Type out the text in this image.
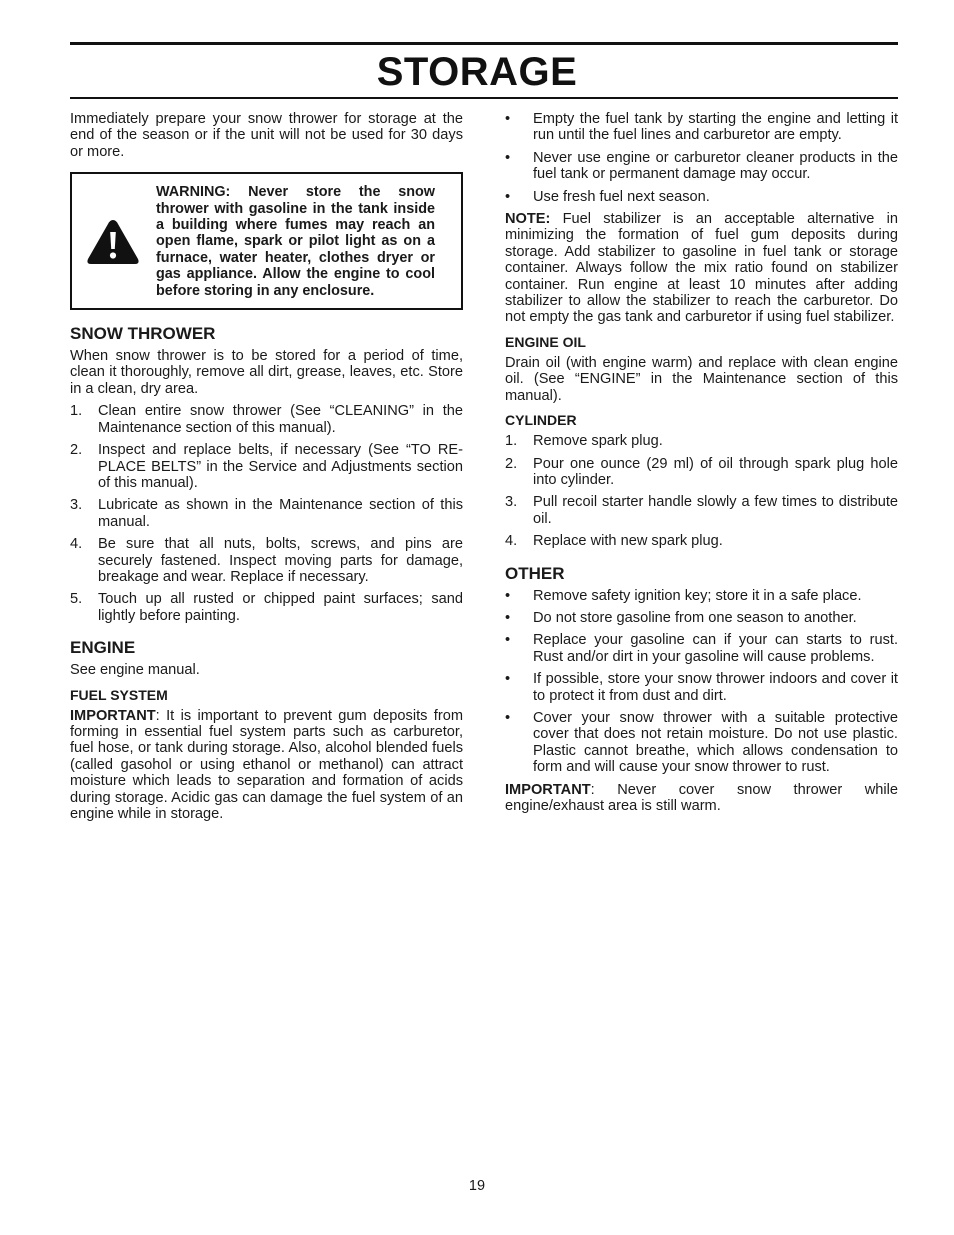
STORAGE

Immediately prepare your snow thrower for storage at the end of the season or if the unit will not be used for 30 days or more.

WARNING: Never store the snow thrower with gasoline in the tank inside a building where fumes may reach an open flame, spark or pilot light as on a furnace, water heater, clothes dryer or gas appliance. Allow the engine to cool before storing in any enclosure.
SNOW THROWER

When snow thrower is to be stored for a period of time, clean it thoroughly, remove all dirt, grease, leaves, etc. Store in a clean, dry area.

1.	Clean entire snow thrower (See “CLEANING” in the Maintenance section of this manual).
2.	Inspect and replace belts, if necessary (See “TO RE-PLACE BELTS” in the Service and Adjustments section of this manual).
3.	Lubricate as shown in the Maintenance section of this manual.
4.	Be sure that all nuts, bolts, screws, and pins are securely fastened. Inspect moving parts for damage, breakage and wear. Replace if necessary.
5.	Touch up all rusted or chipped paint surfaces; sand lightly before painting.
ENGINE

See engine manual.

FUEL SYSTEM

IMPORTANT: It is important to prevent gum deposits from forming in essential fuel system parts such as carburetor, fuel hose, or tank during storage. Also, alcohol blended fuels (called gasohol or using ethanol or methanol) can attract moisture which leads to separation and formation of acids during storage. Acidic gas can damage the fuel system of an engine while in storage.

•	Empty the fuel tank by starting the engine and letting it run until the fuel lines and carburetor are empty.
•	Never use engine or carburetor cleaner products in the fuel tank or permanent damage may occur.
•	Use fresh fuel next season.

NOTE: Fuel stabilizer is an acceptable alternative in minimizing the formation of fuel gum deposits during storage. Add stabilizer to gasoline in fuel tank or storage container. Always follow the mix ratio found on stabilizer container. Run engine at least 10 minutes after adding stabilizer to allow the stabilizer to reach the carburetor. Do not empty the gas tank and carburetor if using fuel stabilizer.

ENGINE OIL

Drain oil (with engine warm) and replace with clean engine oil. (See “ENGINE” in the Maintenance section of this manual).

CYLINDER
1.	Remove spark plug.
2.	Pour one ounce (29 ml) of oil through spark plug hole into cylinder.
3.	Pull recoil starter handle slowly a few times to distribute oil.
4.	Replace with new spark plug.
OTHER
•	Remove safety ignition key; store it in a safe place.
•	Do not store gasoline from one season to another.
•	Replace your gasoline can if your can starts to rust. Rust and/or dirt in your gasoline will cause problems.
•	If possible, store your snow thrower indoors and cover it to protect it from dust and dirt.
•	Cover your snow thrower with a suitable protective cover that does not retain moisture. Do not use plastic. Plastic cannot breathe, which allows condensation to form and will cause your snow thrower to rust.

IMPORTANT: Never cover snow thrower while engine/exhaust area is still warm.

19
